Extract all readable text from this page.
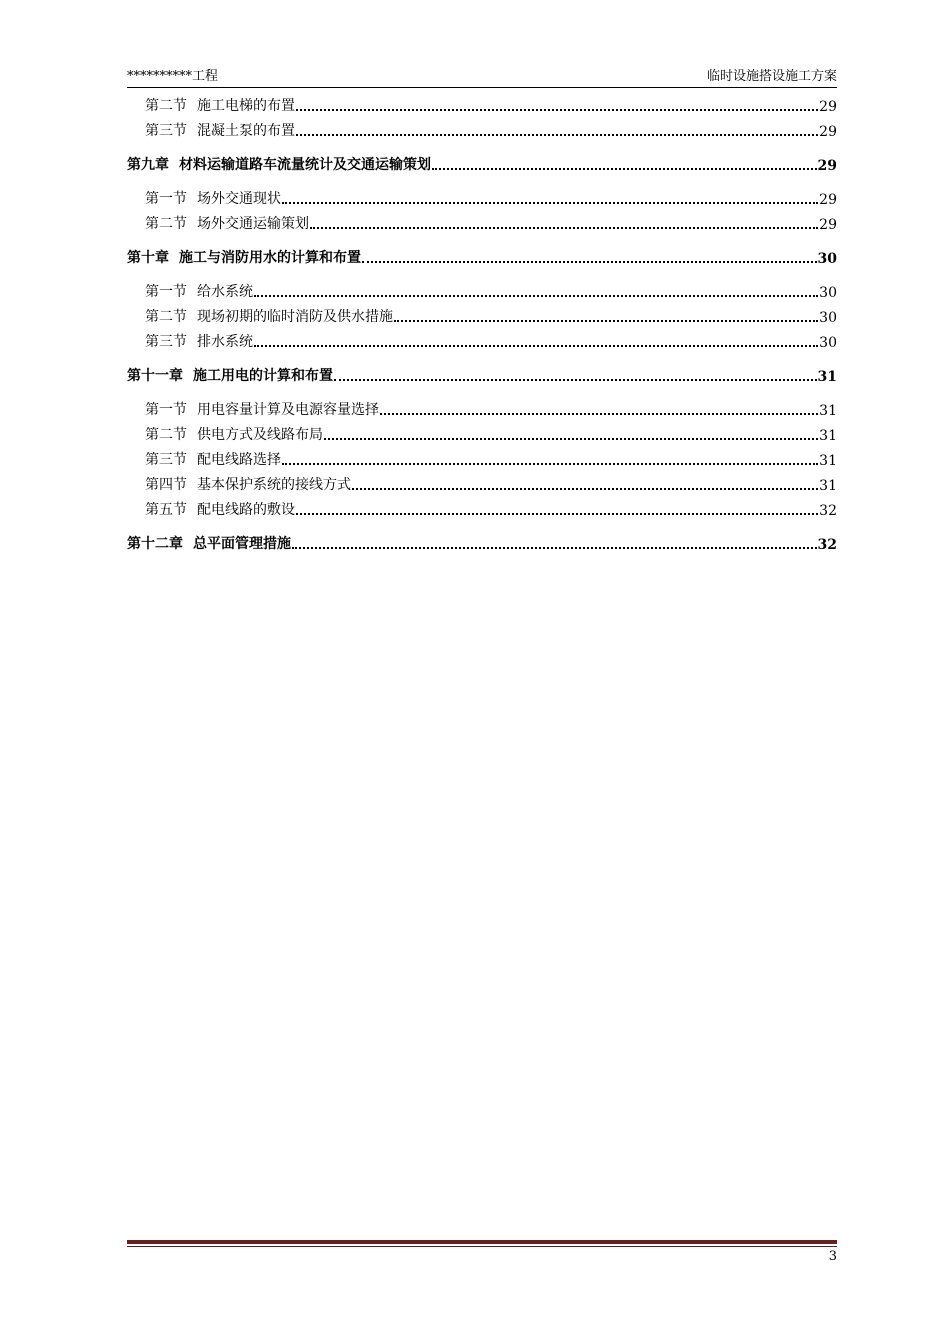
**********工程	临时设施搭设施工方案
第二节 施工电梯的布置	29
第三节 混凝土泵的布置	29
第九章 材料运输道路车流量统计及交通运输策划	29
第一节 场外交通现状	29
第二节 场外交通运输策划	29
第十章 施工与消防用水的计算和布置	30
第一节 给水系统	30
第二节 现场初期的临时消防及供水措施	30
第三节 排水系统	30
第十一章 施工用电的计算和布置	31
第一节 用电容量计算及电源容量选择	31
第二节 供电方式及线路布局	31
第三节 配电线路选择	31
第四节 基本保护系统的接线方式	31
第五节 配电线路的敷设	32
第十二章 总平面管理措施	32
3
